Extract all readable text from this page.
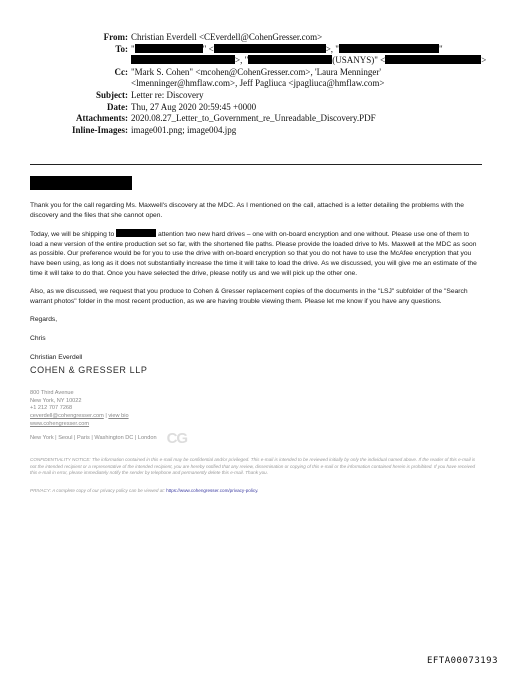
From: Christian Everdell <CEverdell@CohenGresser.com>
To: "	" <	>, "	"
>, "	(USANYS)" <	>
Cc: "Mark S. Cohen" <mcohen@CohenGresser.com>, 'Laura Menninger' <lmenninger@hmflaw.com>, Jeff Pagliuca <jpagliuca@hmflaw.com>
Subject: Letter re: Discovery
Date: Thu, 27 Aug 2020 20:59:45 +0000
Attachments: 2020.08.27_Letter_to_Government_re_Unreadable_Discovery.PDF
Inline-Images: image001.png; image004.jpg

Thank you for the call regarding Ms. Maxwell's discovery at the MDC. As I mentioned on the call, attached is a letter detailing the problems with the discovery and the files that she cannot open.

Today, we will be shipping to	attention two new hard drives – one with on-board encryption and one without. Please use one of them to load a new version of the entire production set so far, with the shortened file paths. Please provide the loaded drive to Ms. Maxwell at the MDC as soon as possible. Our preference would be for you to use the drive with on-board encryption so that you do not have to use the McAfee encryption that you have been using, as long as it does not substantially increase the time it will take to load the drive. As we discussed, you will give me an estimate of the time it will take to do that. Once you have selected the drive, please notify us and we will pick up the other one.

Also, as we discussed, we request that you produce to Cohen & Gresser replacement copies of the documents in the "LSJ" subfolder of the "Search warrant photos" folder in the most recent production, as we are having trouble viewing them. Please let me know if you have any questions.

Regards,

Chris

Christian Everdell

COHEN & GRESSER LLP
800 Third Avenue
New York, NY 10022
+1 212 707 7268
ceverdell@cohengresser.com | view bio
www.cohengresser.com
New York | Seoul | Paris | Washington DC | London CG
CONFIDENTIALITY NOTICE: The information contained in this e-mail may be confidential and/or privileged. This e-mail is intended to be reviewed initially by only the individual named above. If the reader of this e-mail is not the intended recipient or a representative of the intended recipient, you are hereby notified that any review, dissemination or copying of this e-mail or the information contained herein is prohibited. If you have received this e-mail in error, please immediately notify the sender by telephone and permanently delete this e-mail. Thank you.
PRIVACY: A complete copy of our privacy policy can be viewed at: https://www.cohengresser.com/privacy-policy.
EFTA00073193
